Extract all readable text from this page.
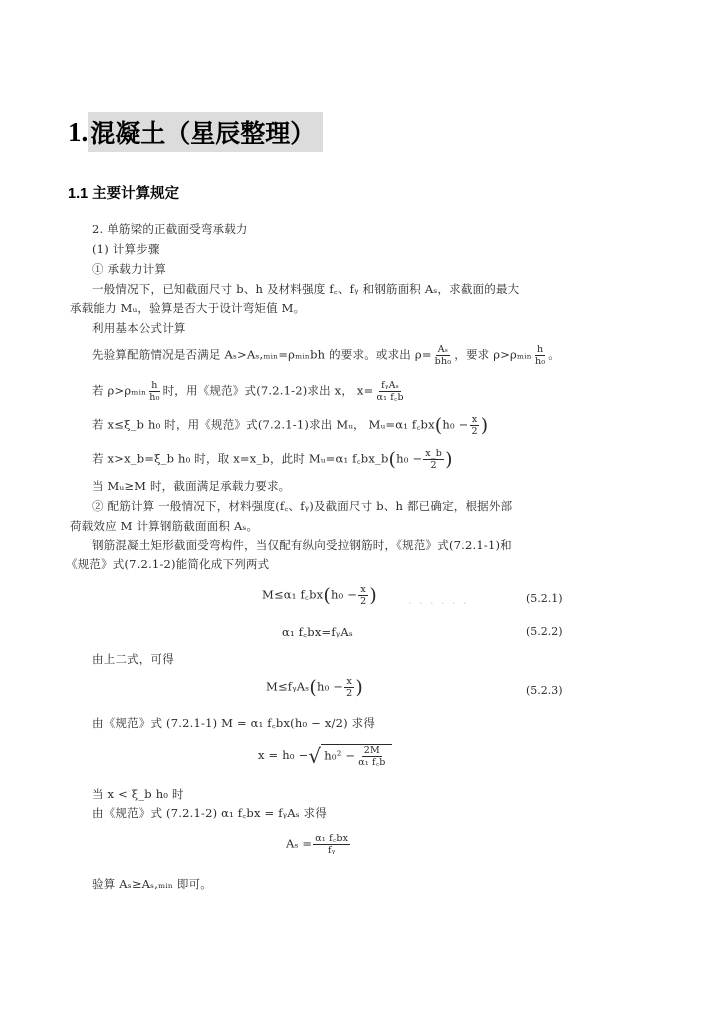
1. 混凝土（星辰整理）
1.1 主要计算规定
2. 单筋梁的正截面受弯承载力
(1) 计算步骤
① 承载力计算
一般情况下，已知截面尺寸 b、h 及材料强度 f꜀、fᵧ 和钢筋面积 Aₛ，求截面的最大
承载能力 Mᵤ，验算是否大于设计弯矩值 M。
利用基本公式计算
先验算配筋情况是否满足 Aₛ>Aₛ,ₘᵢₙ=ρₘᵢₙbh 的要求。或求出 $\rho= \frac{\text{Aₛ}}{\text{bh₀}}$ ，要求 ρ>ρₘᵢₙ $\frac{h}{\text{h₀}}$ 。
若 ρ>ρₘᵢₙ $\frac{h}{\text{h₀}}$ 时，用《规范》式(7.2.1-2)求出 x， $x= \frac{\text{fᵧAₛ}}{\text{α₁ f꜀b}}$
若 x≤ξ_b h₀ 时，用《规范》式(7.2.1-1)求出 Mᵤ， Mᵤ=α₁ f꜀bx(h₀ − $\frac{x}{2}$ )
若 x>x_b=ξ_b h₀ 时，取 x=x_b，此时 Mᵤ=α₁ f꜀bx_b(h₀ − $\frac{x\_b}{2}$ )
当 Mᵤ≥M 时，截面满足承载力要求。
② 配筋计算 一般情况下，材料强度(f꜀、fᵧ)及截面尺寸 b、h 都已确定，根据外部
荷载效应 M 计算钢筋截面面积 Aₛ。
钢筋混凝土矩形截面受弯构件，当仅配有纵向受拉钢筋时，《规范》式(7.2.1-1)和
《规范》式(7.2.1-2)能简化成下列两式
M≤α₁ f꜀bx(h₀ − $\frac{x}{2}$ )	· · · · · ·	(5.2.1)
α₁ f꜀bx=fᵧAₛ	(5.2.2)
由上二式，可得
M≤fᵧAₛ(h₀ − $\frac{x}{2}$ )	(5.2.3)
由《规范》式 (7.2.1-1) M = α₁ f꜀bx(h₀ − x/2) 求得
x = h₀ −√ $h_0^2 - \frac{2M}{\text{α₁ f꜀b}}$
当 x < ξ_b h₀ 时
由《规范》式 (7.2.1-2) α₁ f꜀bx = fᵧAₛ 求得
$A_s = \frac{\text{α₁ f꜀bx}}{\text{fᵧ}}$
验算 Aₛ≥Aₛ,ₘᵢₙ 即可。
